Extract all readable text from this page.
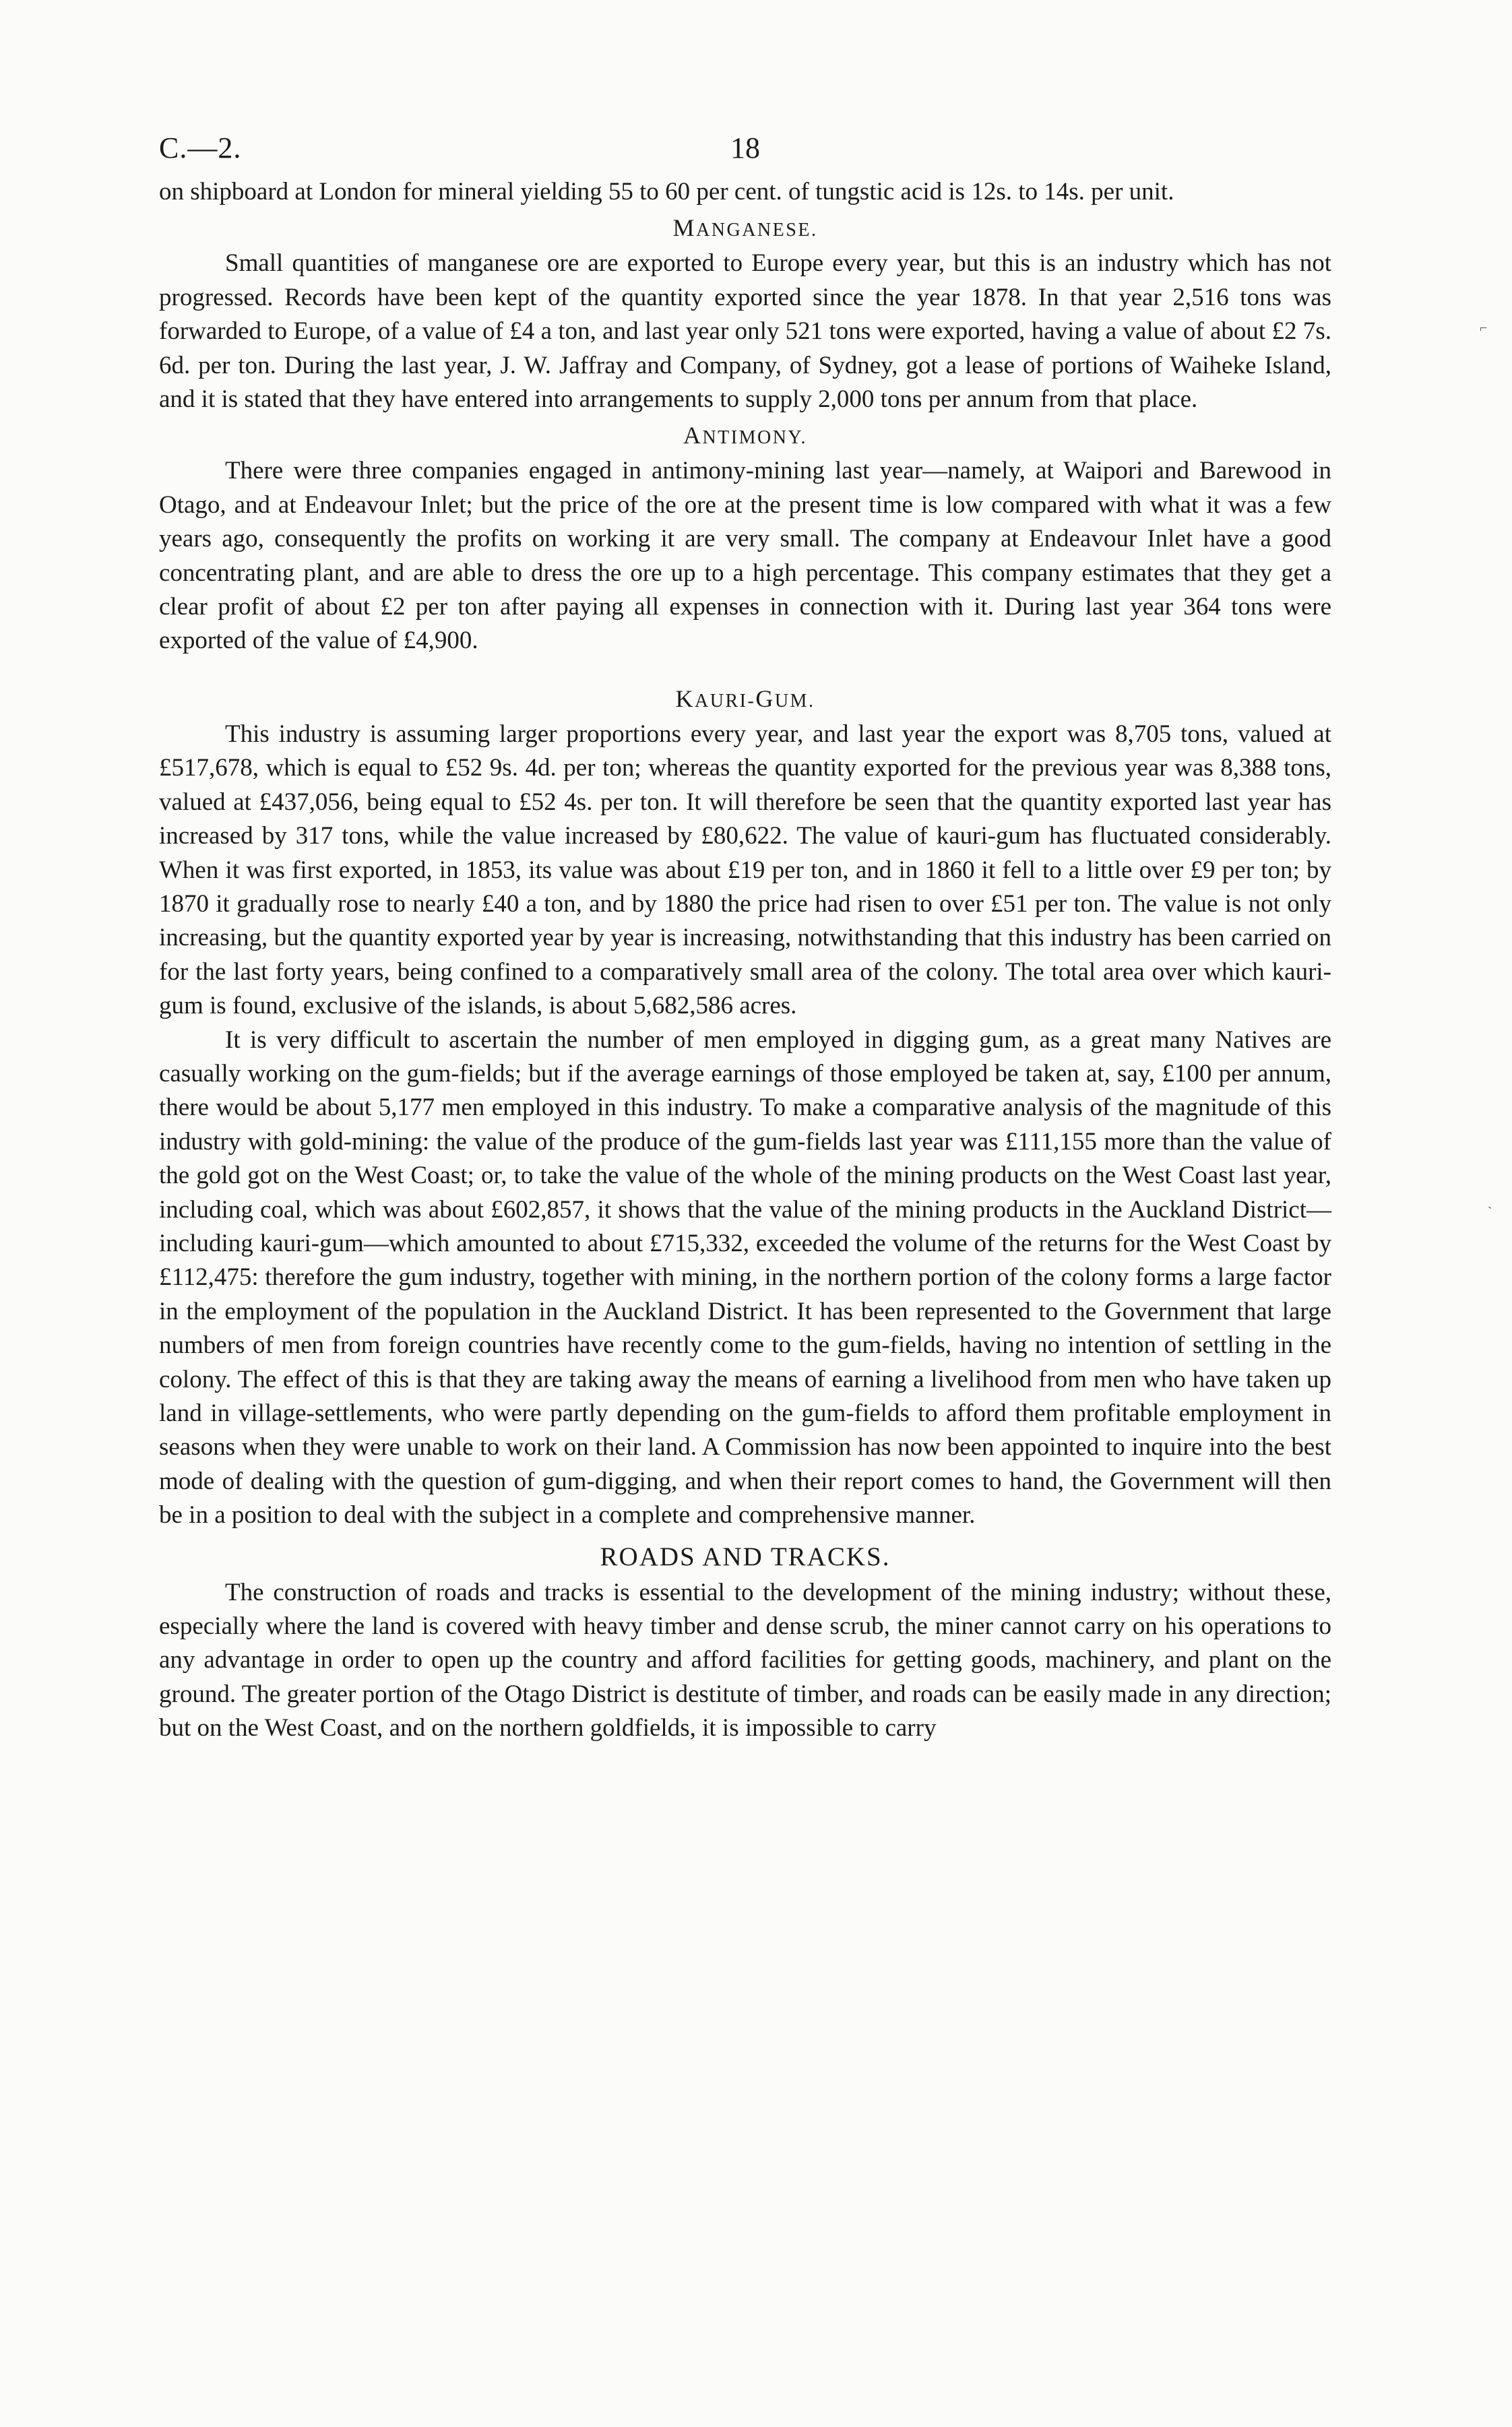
C.—2.	18

on shipboard at London for mineral yielding 55 to 60 per cent. of tungstic acid is 12s. to 14s. per unit.

MANGANESE.

Small quantities of manganese ore are exported to Europe every year, but this is an industry which has not progressed. Records have been kept of the quantity exported since the year 1878. In that year 2,516 tons was forwarded to Europe, of a value of £4 a ton, and last year only 521 tons were exported, having a value of about £2 7s. 6d. per ton. During the last year, J. W. Jaffray and Company, of Sydney, got a lease of portions of Waiheke Island, and it is stated that they have entered into arrangements to supply 2,000 tons per annum from that place.

ANTIMONY.

There were three companies engaged in antimony-mining last year—namely, at Waipori and Barewood in Otago, and at Endeavour Inlet; but the price of the ore at the present time is low compared with what it was a few years ago, consequently the profits on working it are very small. The company at Endeavour Inlet have a good concentrating plant, and are able to dress the ore up to a high percentage. This company estimates that they get a clear profit of about £2 per ton after paying all expenses in connection with it. During last year 364 tons were exported of the value of £4,900.

KAURI-GUM.

This industry is assuming larger proportions every year, and last year the export was 8,705 tons, valued at £517,678, which is equal to £52 9s. 4d. per ton; whereas the quantity exported for the previous year was 8,388 tons, valued at £437,056, being equal to £52 4s. per ton. It will therefore be seen that the quantity exported last year has increased by 317 tons, while the value increased by £80,622. The value of kauri-gum has fluctuated considerably. When it was first exported, in 1853, its value was about £19 per ton, and in 1860 it fell to a little over £9 per ton; by 1870 it gradually rose to nearly £40 a ton, and by 1880 the price had risen to over £51 per ton. The value is not only increasing, but the quantity exported year by year is increasing, notwithstanding that this industry has been carried on for the last forty years, being confined to a comparatively small area of the colony. The total area over which kauri-gum is found, exclusive of the islands, is about 5,682,586 acres.

It is very difficult to ascertain the number of men employed in digging gum, as a great many Natives are casually working on the gum-fields; but if the average earnings of those employed be taken at, say, £100 per annum, there would be about 5,177 men employed in this industry. To make a comparative analysis of the magnitude of this industry with gold-mining: the value of the produce of the gum-fields last year was £111,155 more than the value of the gold got on the West Coast; or, to take the value of the whole of the mining products on the West Coast last year, including coal, which was about £602,857, it shows that the value of the mining products in the Auckland District—including kauri-gum—which amounted to about £715,332, exceeded the volume of the returns for the West Coast by £112,475: therefore the gum industry, together with mining, in the northern portion of the colony forms a large factor in the employment of the population in the Auckland District. It has been represented to the Government that large numbers of men from foreign countries have recently come to the gum-fields, having no intention of settling in the colony. The effect of this is that they are taking away the means of earning a livelihood from men who have taken up land in village-settlements, who were partly depending on the gum-fields to afford them profitable employment in seasons when they were unable to work on their land. A Commission has now been appointed to inquire into the best mode of dealing with the question of gum-digging, and when their report comes to hand, the Government will then be in a position to deal with the subject in a complete and comprehensive manner.

ROADS AND TRACKS.

The construction of roads and tracks is essential to the development of the mining industry; without these, especially where the land is covered with heavy timber and dense scrub, the miner cannot carry on his operations to any advantage in order to open up the country and afford facilities for getting goods, machinery, and plant on the ground. The greater portion of the Otago District is destitute of timber, and roads can be easily made in any direction; but on the West Coast, and on the northern goldfields, it is impossible to carry

⌐
ˋ
